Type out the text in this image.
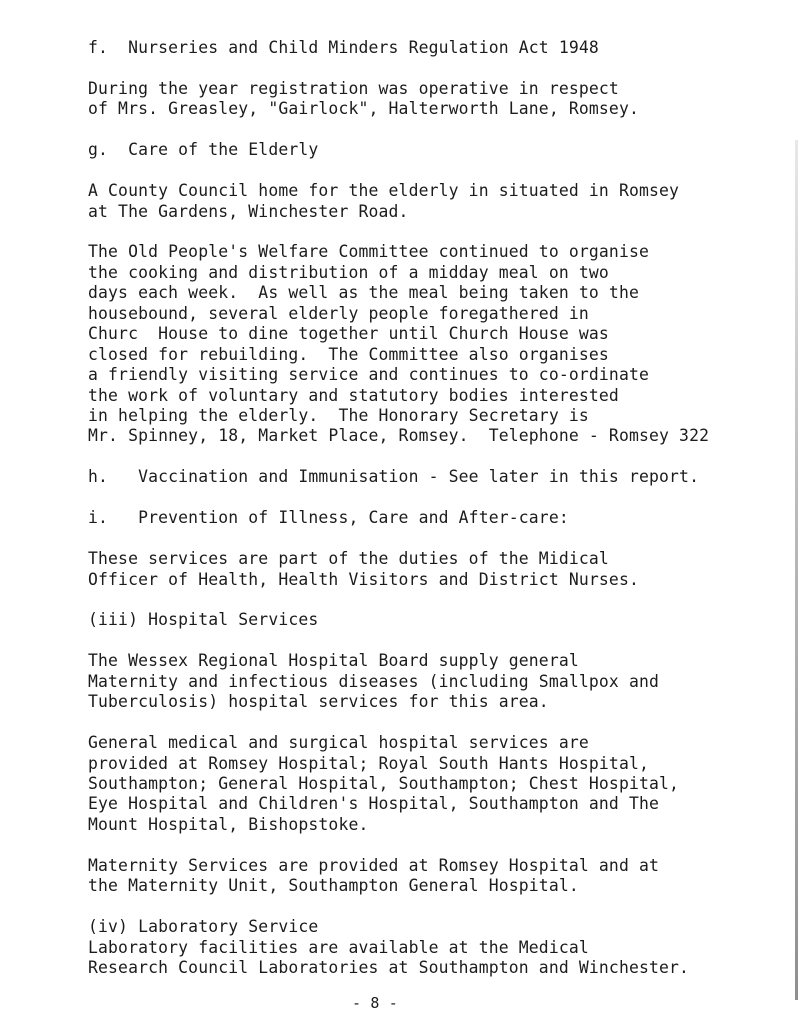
f.  Nurseries and Child Minders Regulation Act 1948
During the year registration was operative in respect
of Mrs. Greasley, "Gairlock", Halterworth Lane, Romsey.
g.  Care of the Elderly
A County Council home for the elderly in situated in Romsey
at The Gardens, Winchester Road.
The Old People's Welfare Committee continued to organise
the cooking and distribution of a midday meal on two
days each week.  As well as the meal being taken to the
housebound, several elderly people foregathered in
Churc  House to dine together until Church House was
closed for rebuilding.  The Committee also organises
a friendly visiting service and continues to co-ordinate
the work of voluntary and statutory bodies interested
in helping the elderly.  The Honorary Secretary is
Mr. Spinney, 18, Market Place, Romsey.  Telephone - Romsey 322
h.   Vaccination and Immunisation - See later in this report.
i.   Prevention of Illness, Care and After-care:
These services are part of the duties of the Midical
Officer of Health, Health Visitors and District Nurses.
(iii) Hospital Services
The Wessex Regional Hospital Board supply general
Maternity and infectious diseases (including Smallpox and
Tuberculosis) hospital services for this area.
General medical and surgical hospital services are
provided at Romsey Hospital; Royal South Hants Hospital,
Southampton; General Hospital, Southampton; Chest Hospital,
Eye Hospital and Children's Hospital, Southampton and The
Mount Hospital, Bishopstoke.
Maternity Services are provided at Romsey Hospital and at
the Maternity Unit, Southampton General Hospital.
(iv) Laboratory Service
Laboratory facilities are available at the Medical
Research Council Laboratories at Southampton and Winchester.
- 8 -
